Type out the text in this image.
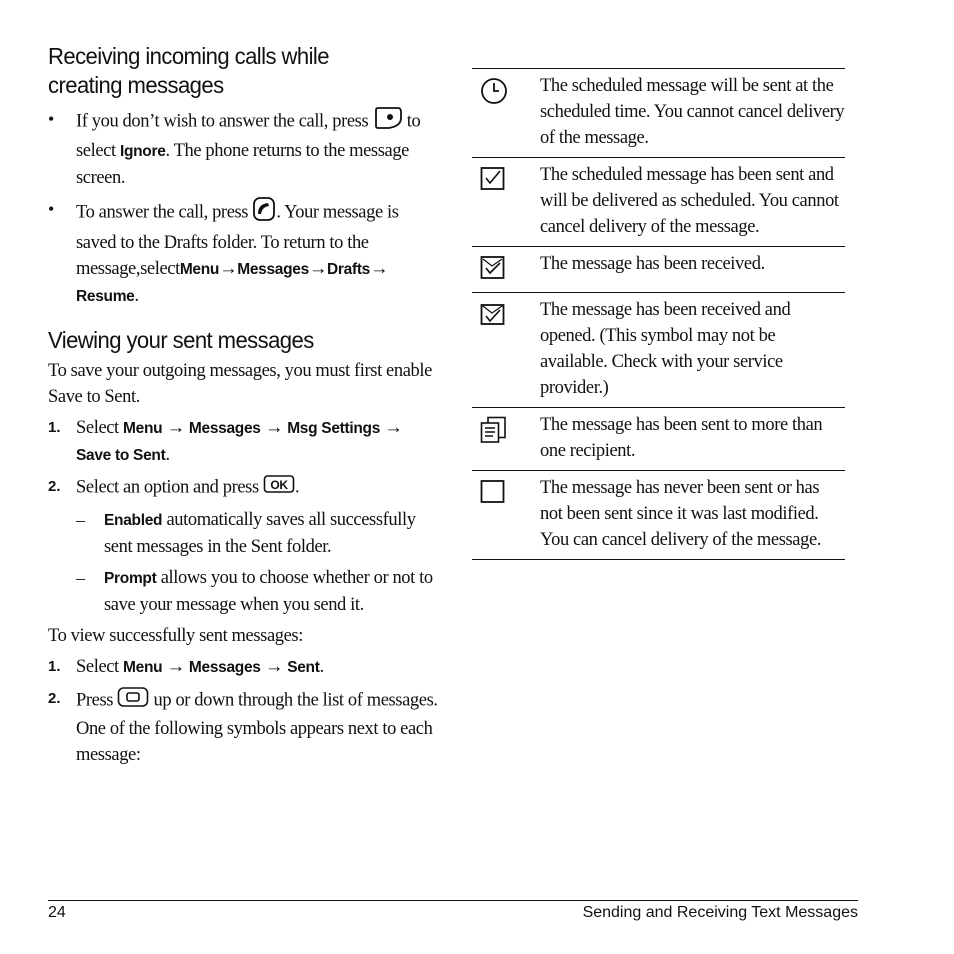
Receiving incoming calls while
creating messages
•	If you don’t wish to answer the call, press to select Ignore. The phone returns to the message screen.

•	To answer the call, press . Your message is saved to the Drafts folder. To return to the message,selectMenu→Messages→Drafts→ Resume.

Viewing your sent messages

To save your outgoing messages, you must first enable Save to Sent.

1. Select Menu → Messages → Msg Settings → Save to Sent.

2. Select an option and press OK .

–	Enabled automatically saves all successfully sent messages in the Sent folder.

–	Prompt allows you to choose whether or not to save your message when you send it.

To view successfully sent messages:

1. Select Menu → Messages → Sent.

2. Press up or down through the list of messages. One of the following symbols appears next to each message:

	The scheduled message will be sent at the scheduled time. You cannot cancel delivery of the message.
	The scheduled message has been sent and will be delivered as scheduled. You cannot cancel delivery of the message.
	The message has been received.
	The message has been received and opened. (This symbol may not be available. Check with your service provider.)
	The message has been sent to more than one recipient.
	The message has never been sent or has not been sent since it was last modified. You can cancel delivery of the message.
24	Sending and Receiving Text Messages
